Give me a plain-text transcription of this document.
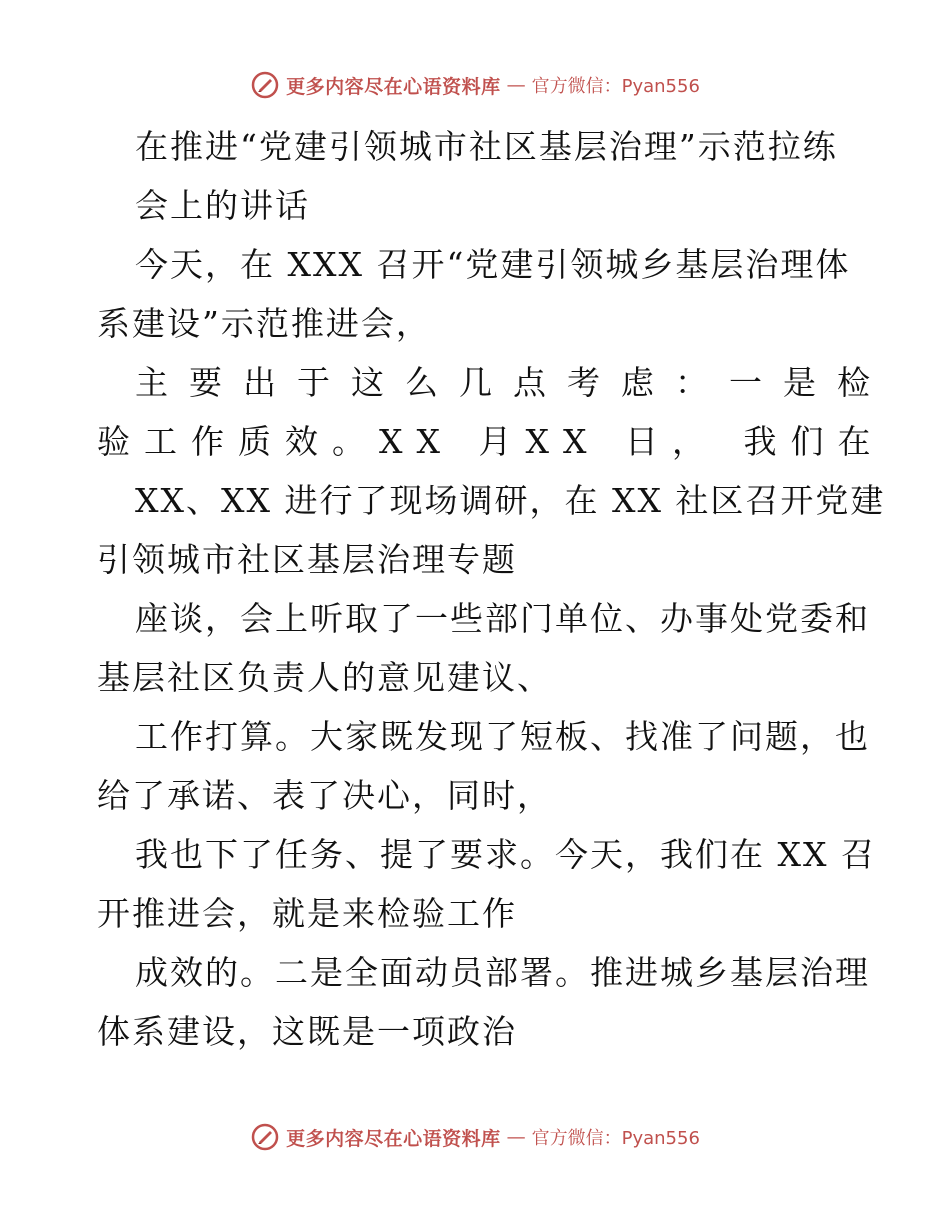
更多内容尽在心语资料库 — 官方微信：Pyan556
在推进“党建引领城市社区基层治理”示范拉练
会上的讲话
今天，在 XXX 召开“党建引领城乡基层治理体
系建设”示范推进会，
主要出于这么几点考虑：一是检
验工作质效。XX 月XX 日， 我们在
XX、XX 进行了现场调研，在 XX 社区召开党建
引领城市社区基层治理专题
座谈，会上听取了一些部门单位、办事处党委和
基层社区负责人的意见建议、
工作打算。大家既发现了短板、找准了问题，也
给了承诺、表了决心，同时，
我也下了任务、提了要求。今天，我们在 XX 召
开推进会，就是来检验工作
成效的。二是全面动员部署。推进城乡基层治理
体系建设，这既是一项政治
更多内容尽在心语资料库 — 官方微信：Pyan556
